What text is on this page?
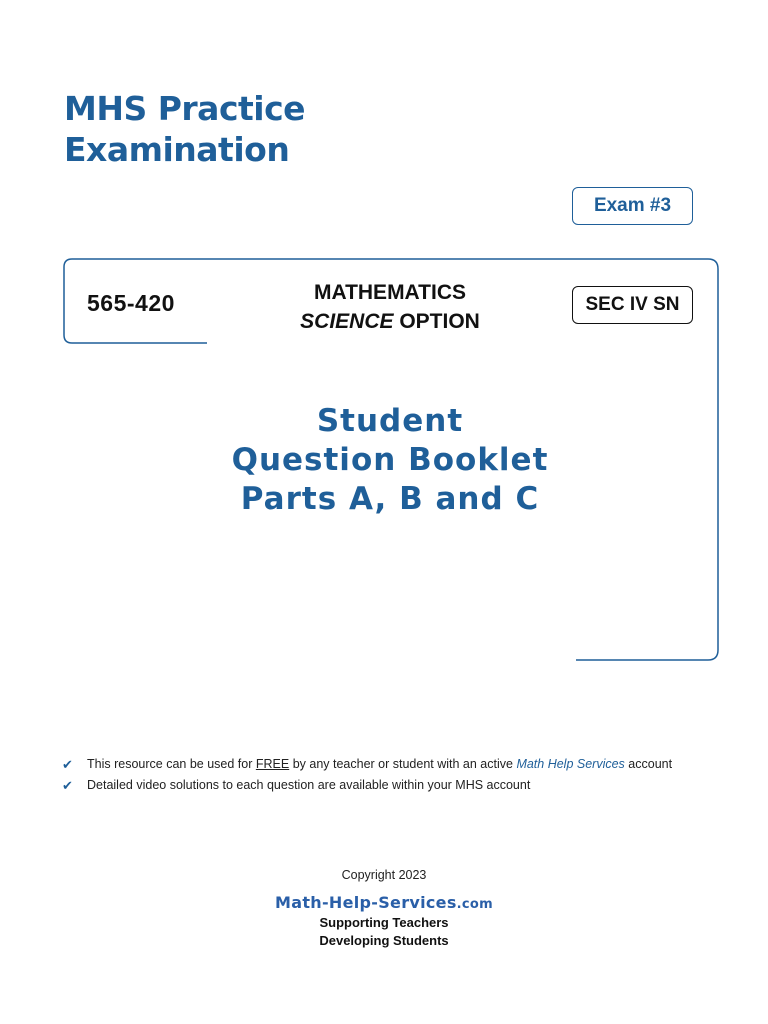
MHS Practice
Examination
Exam #3
565-420	MATHEMATICS
SCIENCE OPTION
SEC IV SN
Student
Question Booklet
Parts A, B and C
✔	This resource can be used for FREE by any teacher or student with an active Math Help Services account
✔	Detailed video solutions to each question are available within your MHS account
Copyright 2023
Math-Help-Services.com
Supporting Teachers
Developing Students
